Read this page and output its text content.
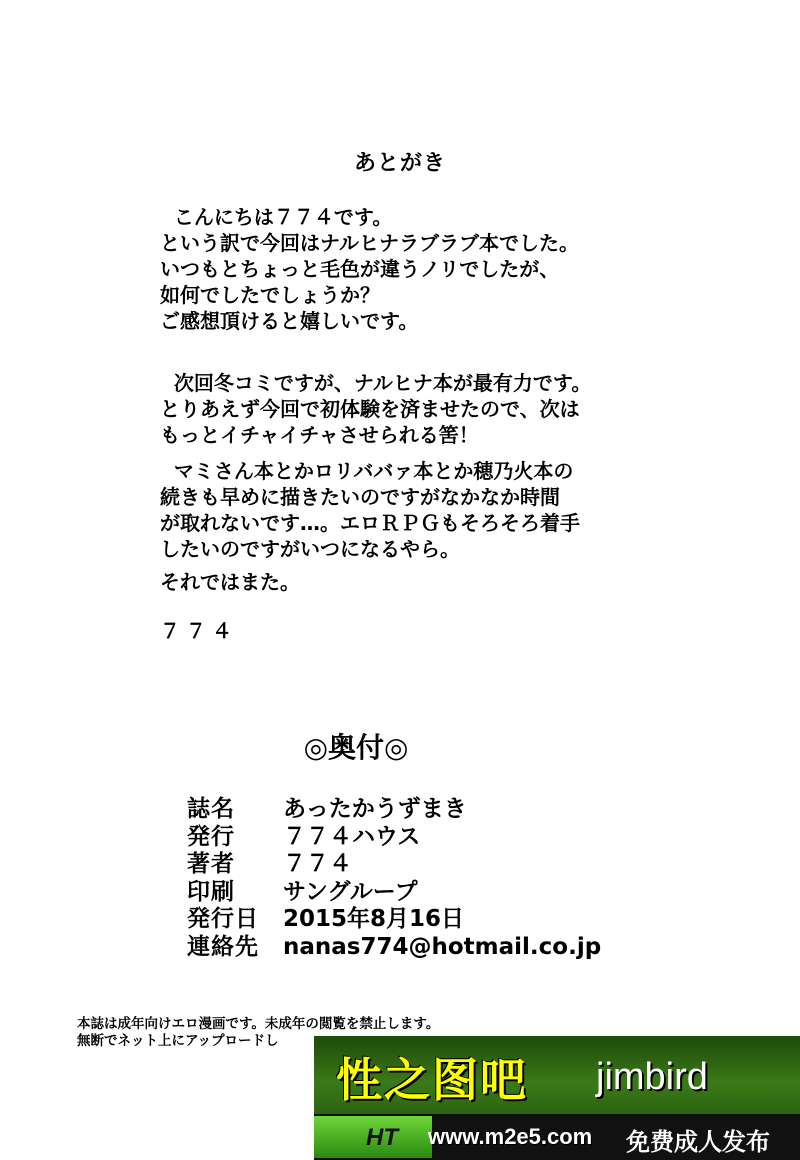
あとがき
こんにちは７７４です。
という訳で今回はナルヒナラブラブ本でした。
いつもとちょっと毛色が違うノリでしたが、
如何でしたでしょうか？
ご感想頂けると嬉しいです。
次回冬コミですが、ナルヒナ本が最有力です。
とりあえず今回で初体験を済ませたので、次は
もっとイチャイチャさせられる筈！
マミさん本とかロリババァ本とか穂乃火本の
続きも早めに描きたいのですがなかなか時間
が取れないです…。エロＲＰＧもそろそろ着手
したいのですがいつになるやら。
それではまた。
７７４
◎奥付◎
誌名	あったかうずまき
発行	７７４ハウス
著者	７７４
印刷	サングループ
発行日	2015年8月16日
連絡先	nanas774@hotmail.co.jp
本誌は成年向けエロ漫画です。未成年の閲覧を禁止します。
無断でネット上にアップロードし
性之图吧 jimbird
HT www.m2e5.com 免费成人发布
